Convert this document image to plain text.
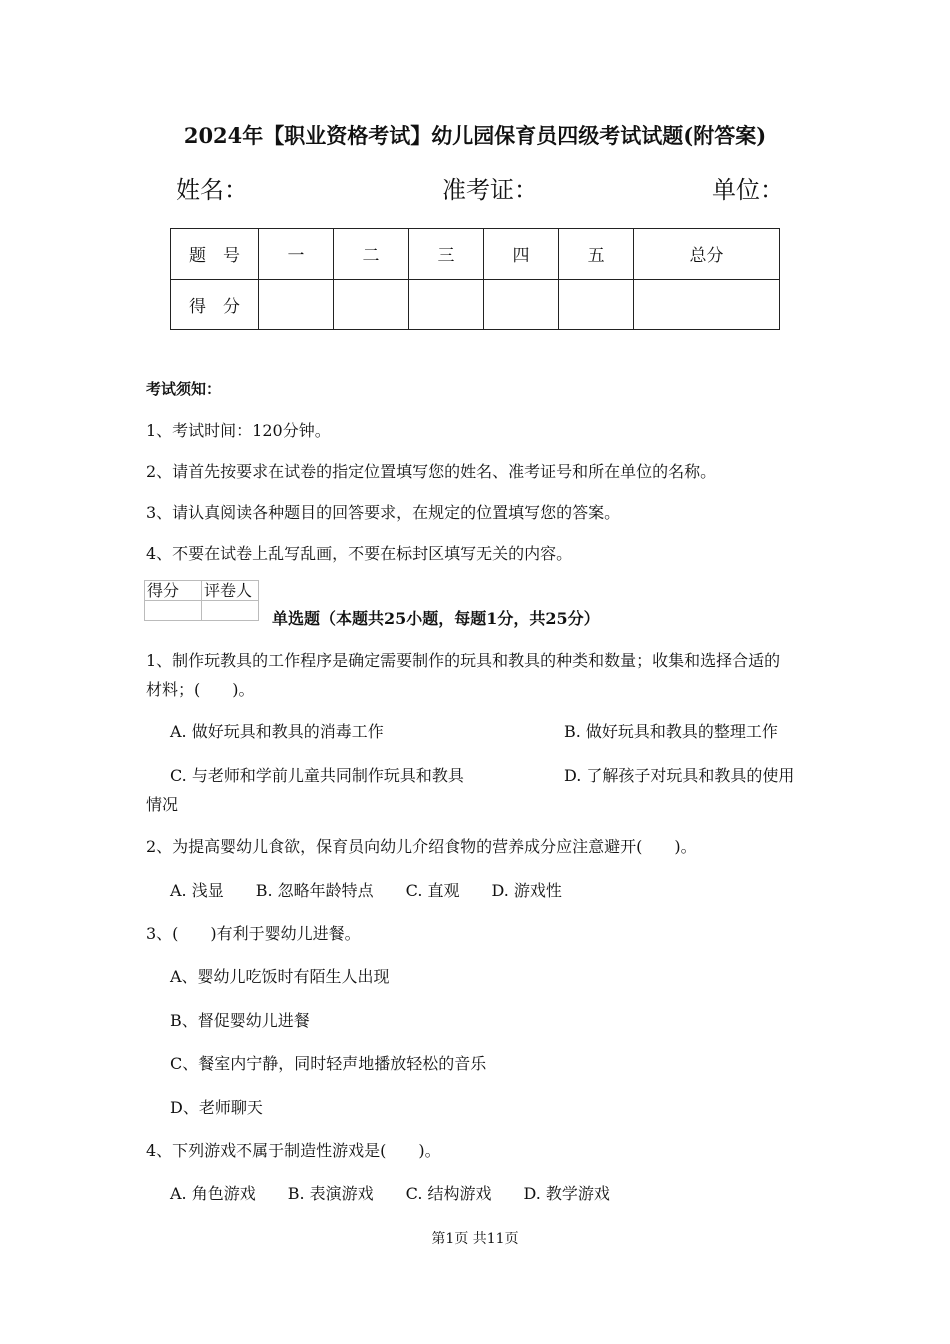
2024年【职业资格考试】幼儿园保育员四级考试试题(附答案)
姓名：	准考证：	单位：
题　号	一	二	三	四	五	总分
得　分						
考试须知：
1、考试时间：120分钟。
2、请首先按要求在试卷的指定位置填写您的姓名、准考证号和所在单位的名称。
3、请认真阅读各种题目的回答要求，在规定的位置填写您的答案。
4、不要在试卷上乱写乱画，不要在标封区填写无关的内容。
得分	评卷人

单选题（本题共25小题，每题1分，共25分）
1、制作玩教具的工作程序是确定需要制作的玩具和教具的种类和数量；收集和选择合适的
材料；(　　)。
A. 做好玩具和教具的消毒工作	B. 做好玩具和教具的整理工作
C. 与老师和学前儿童共同制作玩具和教具	D. 了解孩子对玩具和教具的使用
情况
2、为提高婴幼儿食欲，保育员向幼儿介绍食物的营养成分应注意避开(　　)。
A. 浅显　　B. 忽略年龄特点　　C. 直观　　D. 游戏性
3、(　　)有利于婴幼儿进餐。
A、婴幼儿吃饭时有陌生人出现
B、督促婴幼儿进餐
C、餐室内宁静，同时轻声地播放轻松的音乐
D、老师聊天
4、下列游戏不属于制造性游戏是(　　)。
A. 角色游戏　　B. 表演游戏　　C. 结构游戏　　D. 教学游戏
第1页 共11页
